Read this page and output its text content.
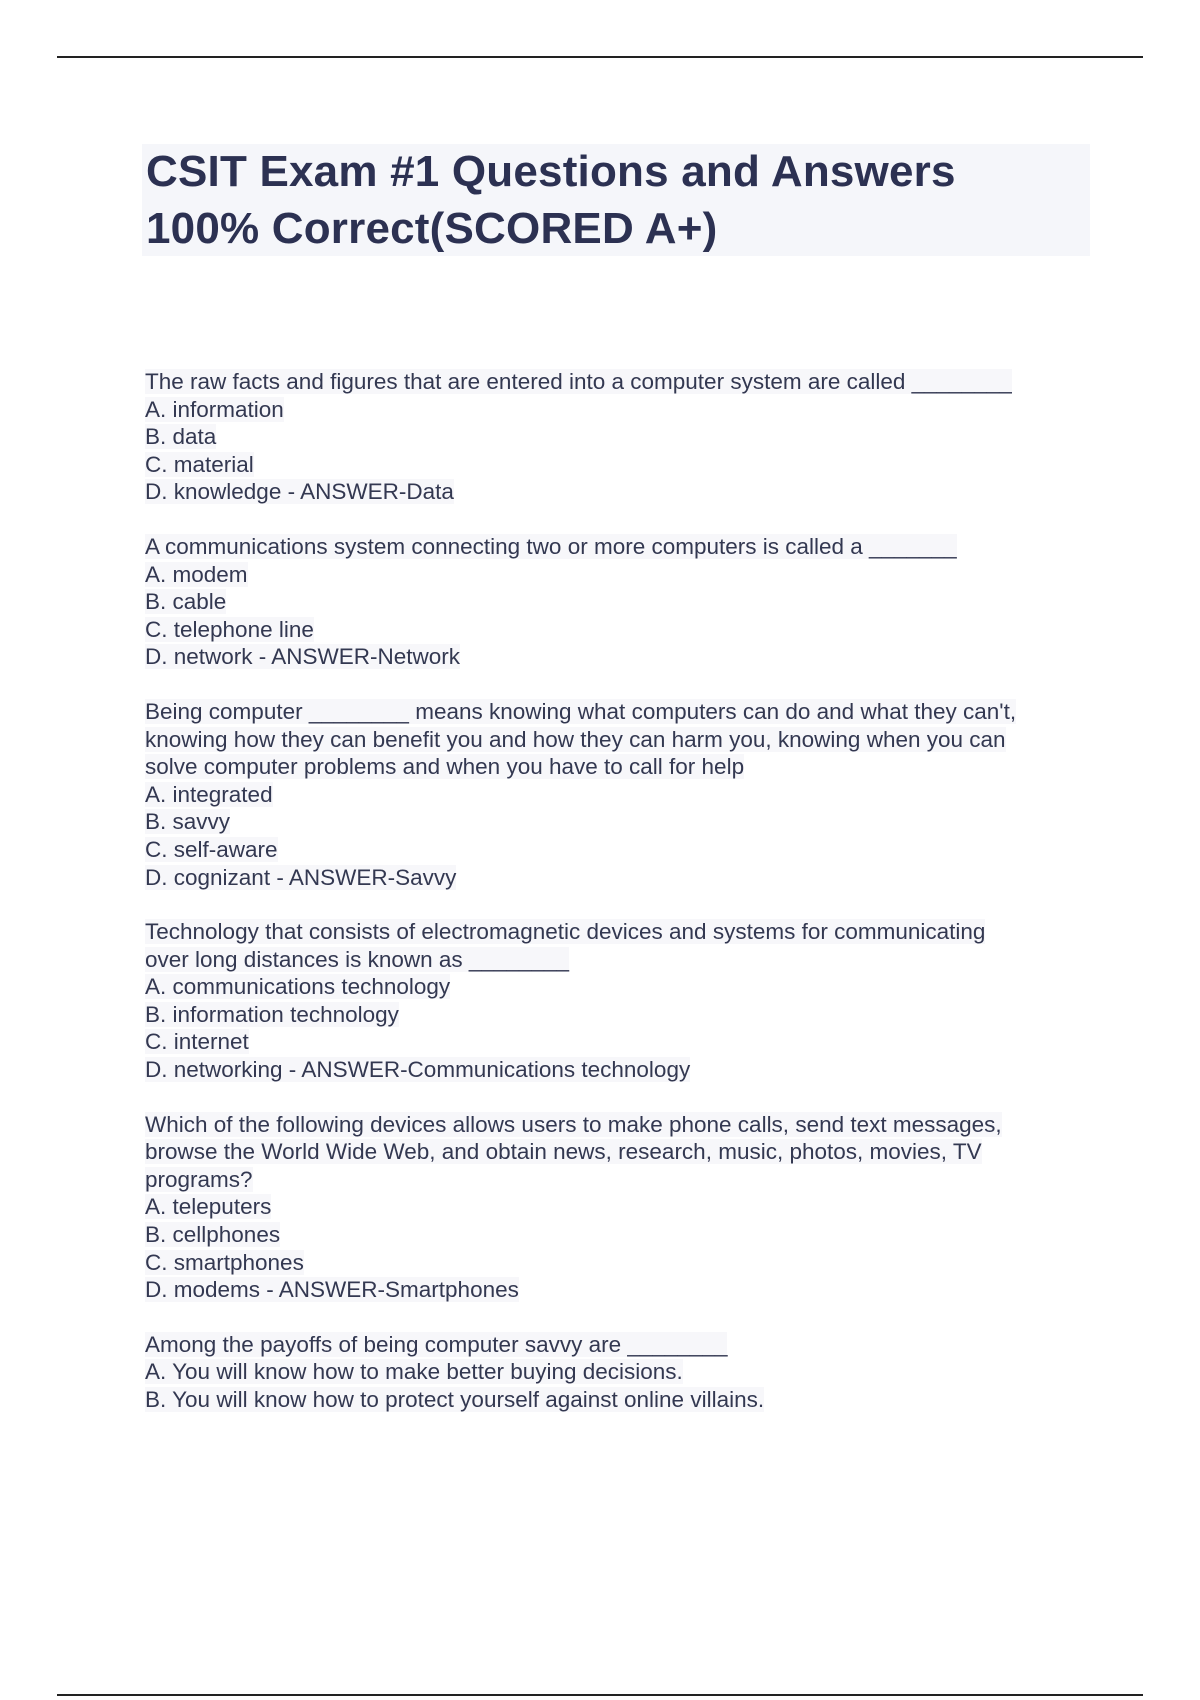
CSIT Exam #1 Questions and Answers
100% Correct(SCORED A+)
The raw facts and figures that are entered into a computer system are called ________
A. information
B. data
C. material
D. knowledge - ANSWER-Data
A communications system connecting two or more computers is called a _______
A. modem
B. cable
C. telephone line
D. network - ANSWER-Network
Being computer ________ means knowing what computers can do and what they can't,
knowing how they can benefit you and how they can harm you, knowing when you can
solve computer problems and when you have to call for help
A. integrated
B. savvy
C. self-aware
D. cognizant - ANSWER-Savvy
Technology that consists of electromagnetic devices and systems for communicating
over long distances is known as ________
A. communications technology
B. information technology
C. internet
D. networking - ANSWER-Communications technology
Which of the following devices allows users to make phone calls, send text messages,
browse the World Wide Web, and obtain news, research, music, photos, movies, TV
programs?
A. teleputers
B. cellphones
C. smartphones
D. modems - ANSWER-Smartphones
Among the payoffs of being computer savvy are ________
A. You will know how to make better buying decisions.
B. You will know how to protect yourself against online villains.
